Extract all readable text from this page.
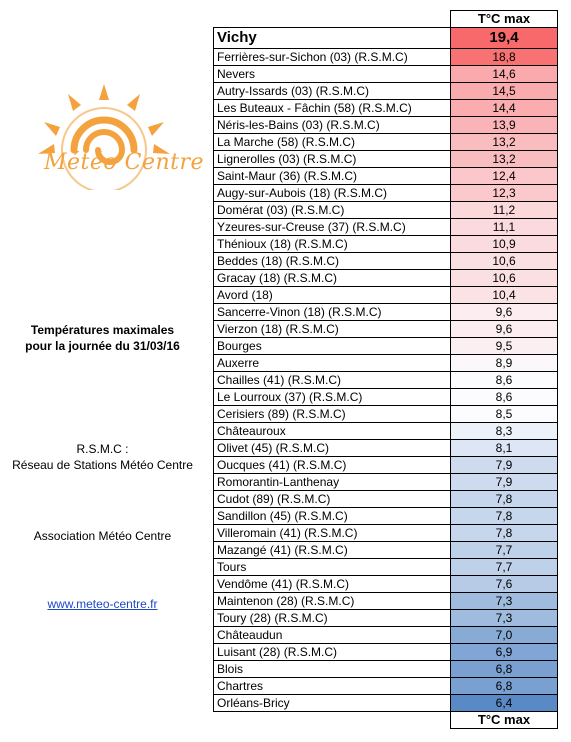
Météo Centre
Températures maximales
pour la journée du 31/03/16
R.S.M.C :
Réseau de Stations Météo Centre
Association Météo Centre
www.meteo-centre.fr
	T°C max
Vichy	19,4
Ferrières-sur-Sichon (03) (R.S.M.C)	18,8
Nevers	14,6
Autry-Issards (03) (R.S.M.C)	14,5
Les Buteaux - Fâchin (58) (R.S.M.C)	14,4
Néris-les-Bains (03) (R.S.M.C)	13,9
La Marche (58) (R.S.M.C)	13,2
Lignerolles (03) (R.S.M.C)	13,2
Saint-Maur (36) (R.S.M.C)	12,4
Augy-sur-Aubois (18) (R.S.M.C)	12,3
Domérat (03) (R.S.M.C)	11,2
Yzeures-sur-Creuse (37) (R.S.M.C)	11,1
Thénioux (18) (R.S.M.C)	10,9
Beddes (18) (R.S.M.C)	10,6
Gracay (18) (R.S.M.C)	10,6
Avord (18)	10,4
Sancerre-Vinon (18) (R.S.M.C)	9,6
Vierzon (18) (R.S.M.C)	9,6
Bourges	9,5
Auxerre	8,9
Chailles (41) (R.S.M.C)	8,6
Le Lourroux (37) (R.S.M.C)	8,6
Cerisiers (89) (R.S.M.C)	8,5
Châteauroux	8,3
Olivet (45) (R.S.M.C)	8,1
Oucques (41) (R.S.M.C)	7,9
Romorantin-Lanthenay	7,9
Cudot (89) (R.S.M.C)	7,8
Sandillon (45) (R.S.M.C)	7,8
Villeromain (41) (R.S.M.C)	7,8
Mazangé (41) (R.S.M.C)	7,7
Tours	7,7
Vendôme (41) (R.S.M.C)	7,6
Maintenon (28) (R.S.M.C)	7,3
Toury (28) (R.S.M.C)	7,3
Châteaudun	7,0
Luisant (28) (R.S.M.C)	6,9
Blois	6,8
Chartres	6,8
Orléans-Bricy	6,4
	T°C max
